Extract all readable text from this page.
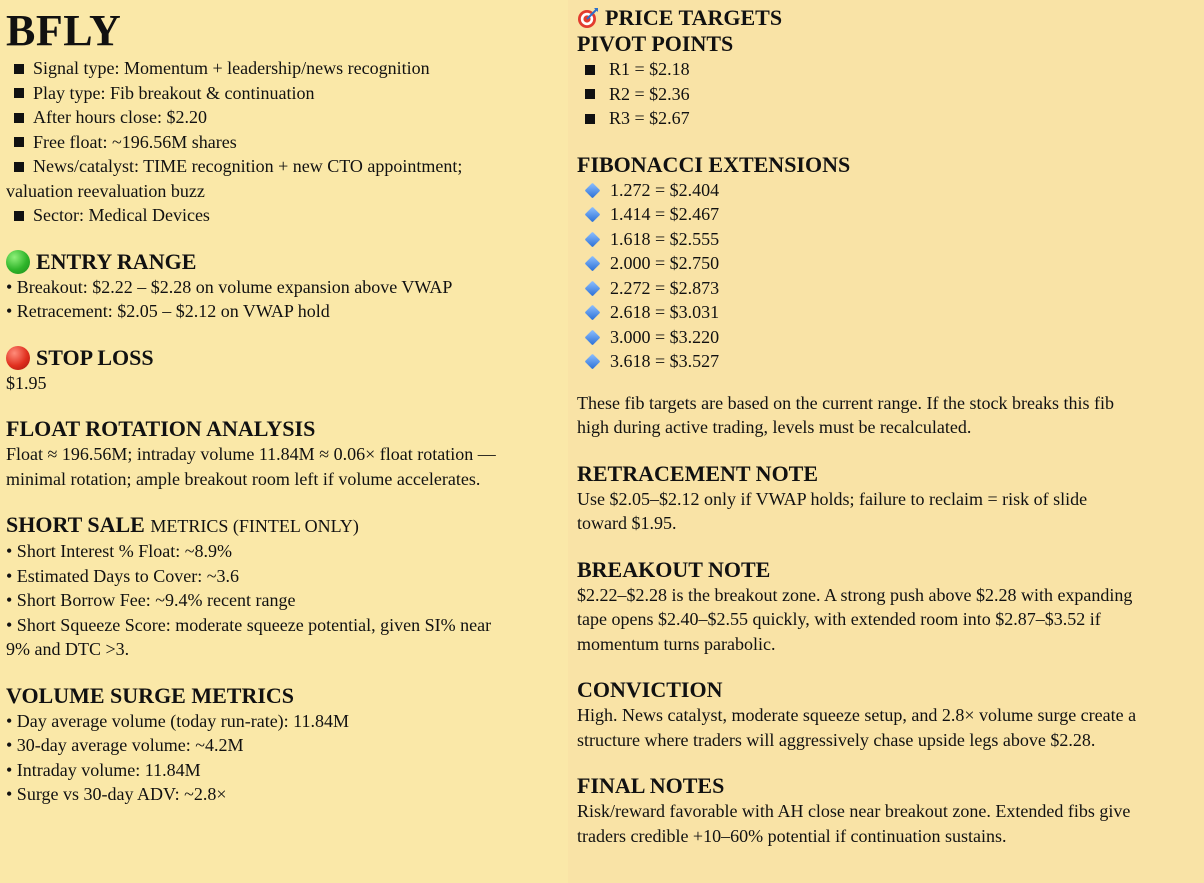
BFLY
Signal type: Momentum + leadership/news recognition
Play type: Fib breakout & continuation
After hours close: $2.20
Free float: ~196.56M shares
News/catalyst: TIME recognition + new CTO appointment;
valuation reevaluation buzz
Sector: Medical Devices
ENTRY RANGE
• Breakout: $2.22 – $2.28 on volume expansion above VWAP
• Retracement: $2.05 – $2.12 on VWAP hold
STOP LOSS
$1.95
FLOAT ROTATION ANALYSIS
Float ≈ 196.56M; intraday volume 11.84M ≈ 0.06× float rotation —
minimal rotation; ample breakout room left if volume accelerates.
SHORT SALE METRICS (FINTEL ONLY)
• Short Interest % Float: ~8.9%
• Estimated Days to Cover: ~3.6
• Short Borrow Fee: ~9.4% recent range
• Short Squeeze Score: moderate squeeze potential, given SI% near
9% and DTC >3.
VOLUME SURGE METRICS
• Day average volume (today run-rate): 11.84M
• 30-day average volume: ~4.2M
• Intraday volume: 11.84M
• Surge vs 30-day ADV: ~2.8×
PRICE TARGETS
PIVOT POINTS
R1 = $2.18
R2 = $2.36
R3 = $2.67
FIBONACCI EXTENSIONS
1.272 = $2.404
1.414 = $2.467
1.618 = $2.555
2.000 = $2.750
2.272 = $2.873
2.618 = $3.031
3.000 = $3.220
3.618 = $3.527
These fib targets are based on the current range. If the stock breaks this fib
high during active trading, levels must be recalculated.
RETRACEMENT NOTE
Use $2.05–$2.12 only if VWAP holds; failure to reclaim = risk of slide
toward $1.95.
BREAKOUT NOTE
$2.22–$2.28 is the breakout zone. A strong push above $2.28 with expanding
tape opens $2.40–$2.55 quickly, with extended room into $2.87–$3.52 if
momentum turns parabolic.
CONVICTION
High. News catalyst, moderate squeeze setup, and 2.8× volume surge create a
structure where traders will aggressively chase upside legs above $2.28.
FINAL NOTES
Risk/reward favorable with AH close near breakout zone. Extended fibs give
traders credible +10–60% potential if continuation sustains.
